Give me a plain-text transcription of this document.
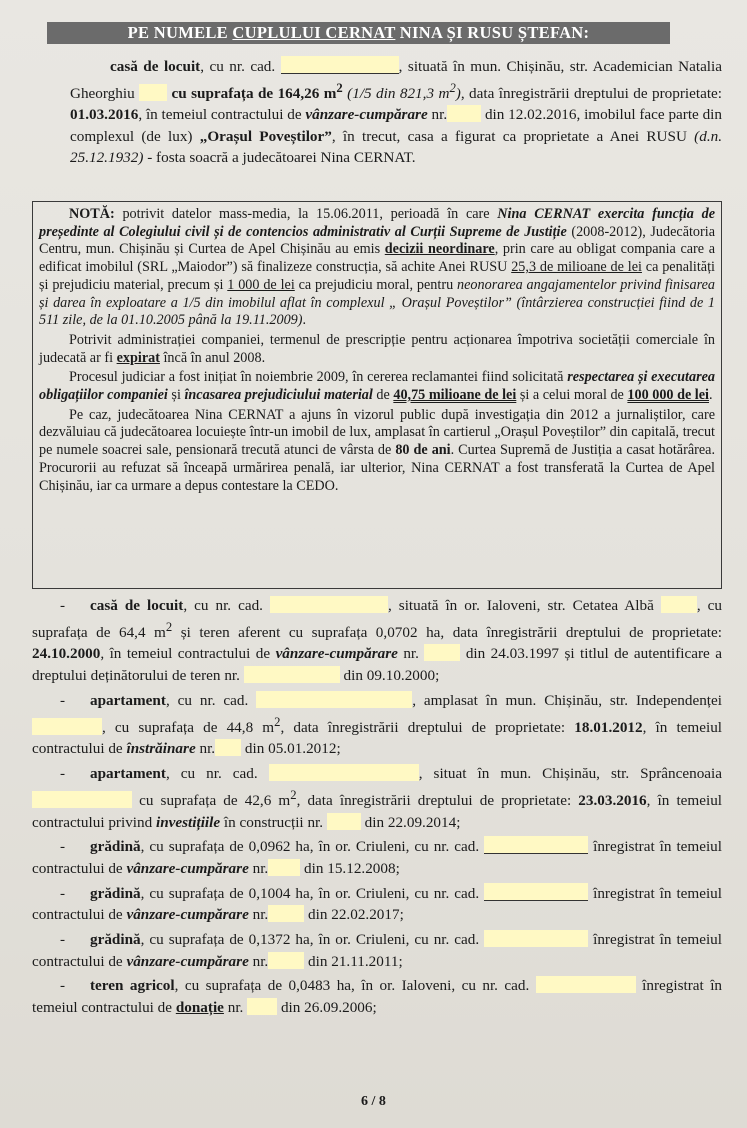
PE NUMELE CUPLULUI CERNAT NINA ȘI RUSU ȘTEFAN:
casă de locuit, cu nr. cad.	, situată în mun. Chișinău, str. Academician Natalia Gheorghiu  cu suprafața de 164,26 $m^2$ (1/5 din 821,3 $m^2$), data înregistrării dreptului de proprietate: 01.03.2016, în temeiul contractului de vânzare-cumpărare nr. din 12.02.2016, imobilul face parte din complexul (de lux) „Orașul Poveștilor”, în trecut, casa a figurat ca proprietate a Anei RUSU (d.n. 25.12.1932) - fosta soacră a judecătoarei Nina CERNAT.

NOTĂ: potrivit datelor mass-media, la 15.06.2011, perioadă în care Nina CERNAT exercita funcția de președinte al Colegiului civil și de contencios administrativ al Curții Supreme de Justiție (2008-2012), Judecătoria Centru, mun. Chișinău și Curtea de Apel Chișinău au emis decizii neordinare, prin care au obligat compania care a edificat imobilul (SRL „Maiodor”) să finalizeze construcția, să achite Anei RUSU 25,3 de milioane de lei ca penalități și prejudiciu material, precum și 1 000 de lei ca prejudiciu moral, pentru neonorarea angajamentelor privind finisarea și darea în exploatare a 1/5 din imobilul aflat în complexul „ Orașul Poveștilor” (întârzierea construcției fiind de 1 511 zile, de la 01.10.2005 până la 19.11.2009).

Potrivit administrației companiei, termenul de prescripție pentru acționarea împotriva societății comerciale în judecată ar fi expirat încă în anul 2008.

Procesul judiciar a fost inițiat în noiembrie 2009, în cererea reclamantei fiind solicitată respectarea și executarea obligațiilor companiei și încasarea prejudiciului material de 40,75 milioane de lei și a celui moral de 100 000 de lei.

Pe caz, judecătoarea Nina CERNAT a ajuns în vizorul public după investigația din 2012 a jurnaliștilor, care dezvăluiau că judecătoarea locuiește într-un imobil de lux, amplasat în cartierul „Orașul Poveștilor” din capitală, trecut pe numele soacrei sale, pensionară trecută atunci de vârsta de 80 de ani. Curtea Supremă de Justiția a casat hotărârea. Procurorii au refuzat să înceapă urmărirea penală, iar ulterior, Nina CERNAT a fost transferată la Curtea de Apel Chișinău, iar ca urmare a depus contestare la CEDO.

- casă de locuit, cu nr. cad.	, situată în or. Ialoveni, str. Cetatea Albă , cu suprafața de 64,4 $m^2$ și teren aferent cu suprafața 0,0702 ha, data înregistrării dreptului de proprietate: 24.10.2000, în temeiul contractului de vânzare-cumpărare nr.  din 24.03.1997 și titlul de autentificare a dreptului deținătorului de teren nr.	din 09.10.2000;

- apartament, cu nr. cad.	, amplasat în mun. Chișinău, str. Independenței , cu suprafața de 44,8 $m^2$, data înregistrării dreptului de proprietate: 18.01.2012, în temeiul contractului de înstrăinare nr. din 05.01.2012;

- apartament, cu nr. cad.	, situat în mun. Chișinău, str. Sprâncenoaia  cu suprafața de 42,6 $m^2$, data înregistrării dreptului de proprietate: 23.03.2016, în temeiul contractului privind investițiile în construcții nr.  din 22.09.2014;

- grădină, cu suprafața de 0,0962 ha, în or. Criuleni, cu nr. cad.	înregistrat în temeiul contractului de vânzare-cumpărare nr. din 15.12.2008;

- grădină, cu suprafața de 0,1004 ha, în or. Criuleni, cu nr. cad.	înregistrat în temeiul contractului de vânzare-cumpărare nr. din 22.02.2017;

- grădină, cu suprafața de 0,1372 ha, în or. Criuleni, cu nr. cad.	înregistrat în temeiul contractului de vânzare-cumpărare nr. din 21.11.2011;

- teren agricol, cu suprafața de 0,0483 ha, în or. Ialoveni, cu nr. cad.	înregistrat în temeiul contractului de donație nr.  din 26.09.2006;

6 / 8
